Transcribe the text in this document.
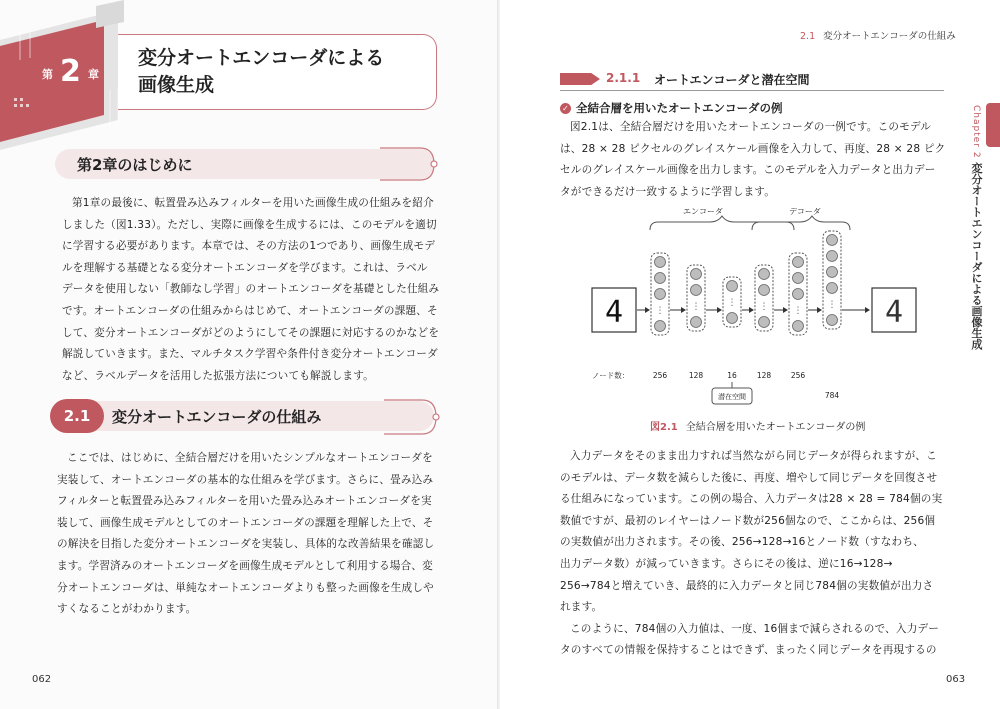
第 2 章
変分オートエンコーダによる
画像生成
第2章のはじめに
第1章の最後に、転置畳み込みフィルターを用いた画像生成の仕組みを紹介
しました（図1.33）。ただし、実際に画像を生成するには、このモデルを適切
に学習する必要があります。本章では、その方法の1つであり、画像生成モデ
ルを理解する基礎となる変分オートエンコーダを学びます。これは、ラベル
データを使用しない「教師なし学習」のオートエンコーダを基礎とした仕組み
です。オートエンコーダの仕組みからはじめて、オートエンコーダの課題、そ
して、変分オートエンコーダがどのようにしてその課題に対応するのかなどを
解説していきます。また、マルチタスク学習や条件付き変分オートエンコーダ
など、ラベルデータを活用した拡張方法についても解説します。
2.1	変分オートエンコーダの仕組み
ここでは、はじめに、全結合層だけを用いたシンプルなオートエンコーダを
実装して、オートエンコーダの基本的な仕組みを学びます。さらに、畳み込み
フィルターと転置畳み込みフィルターを用いた畳み込みオートエンコーダを実
装して、画像生成モデルとしてのオートエンコーダの課題を理解した上で、そ
の解決を目指した変分オートエンコーダを実装し、具体的な改善結果を確認し
ます。学習済みのオートエンコーダを画像生成モデルとして利用する場合、変
分オートエンコーダは、単純なオートエンコーダよりも整った画像を生成しや
すくなることがわかります。
062
2.1 変分オートエンコーダの仕組み
2.1.1 オートエンコーダと潜在空間
✓ 全結合層を用いたオートエンコーダの例
図2.1は、全結合層だけを用いたオートエンコーダの一例です。このモデル
は、28 × 28 ピクセルのグレイスケール画像を入力して、再度、28 × 28 ピク
セルのグレイスケール画像を出力します。このモデルを入力データと出力デー
タができるだけ一致するように学習します。
エンコーダ	デコーダ
4	4
⋮	⋮	⋮	⋮	⋮
⋮
ノード数：	256	128	16	128	256
784
潜在空間
図2.1 全結合層を用いたオートエンコーダの例
入力データをそのまま出力すれば当然ながら同じデータが得られますが、こ
のモデルは、データ数を減らした後に、再度、増やして同じデータを回復させ
る仕組みになっています。この例の場合、入力データは28 × 28 = 784個の実
数値ですが、最初のレイヤーはノード数が256個なので、ここからは、256個
の実数値が出力されます。その後、256→128→16とノード数（すなわち、
出力データ数）が減っていきます。さらにその後は、逆に16→128→
256→784と増えていき、最終的に入力データと同じ784個の実数値が出力さ
れます。
このように、784個の入力値は、一度、16個まで減らされるので、入力デー
タのすべての情報を保持することはできず、まったく同じデータを再現するの
Chapter 2 変分オートエンコーダによる画像生成
063
